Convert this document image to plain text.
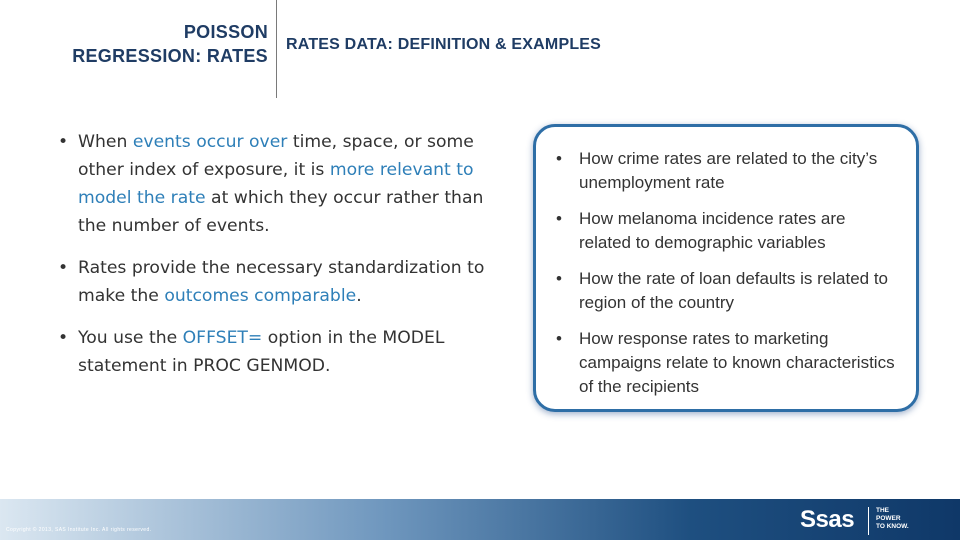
POISSON
REGRESSION: RATES
RATES DATA: DEFINITION & EXAMPLES
• When events occur over time, space, or some other index of exposure, it is more relevant to model the rate at which they occur rather than the number of events.
• Rates provide the necessary standardization to make the outcomes comparable.
• You use the OFFSET= option in the MODEL statement in PROC GENMOD.
• How crime rates are related to the city’s unemployment rate
• How melanoma incidence rates are related to demographic variables
• How the rate of loan defaults is related to region of the country
• How response rates to marketing campaigns relate to known characteristics of the recipients
Copyright © 2013, SAS Institute Inc. All rights reserved.	Ssas	THE
POWER
TO KNOW.
